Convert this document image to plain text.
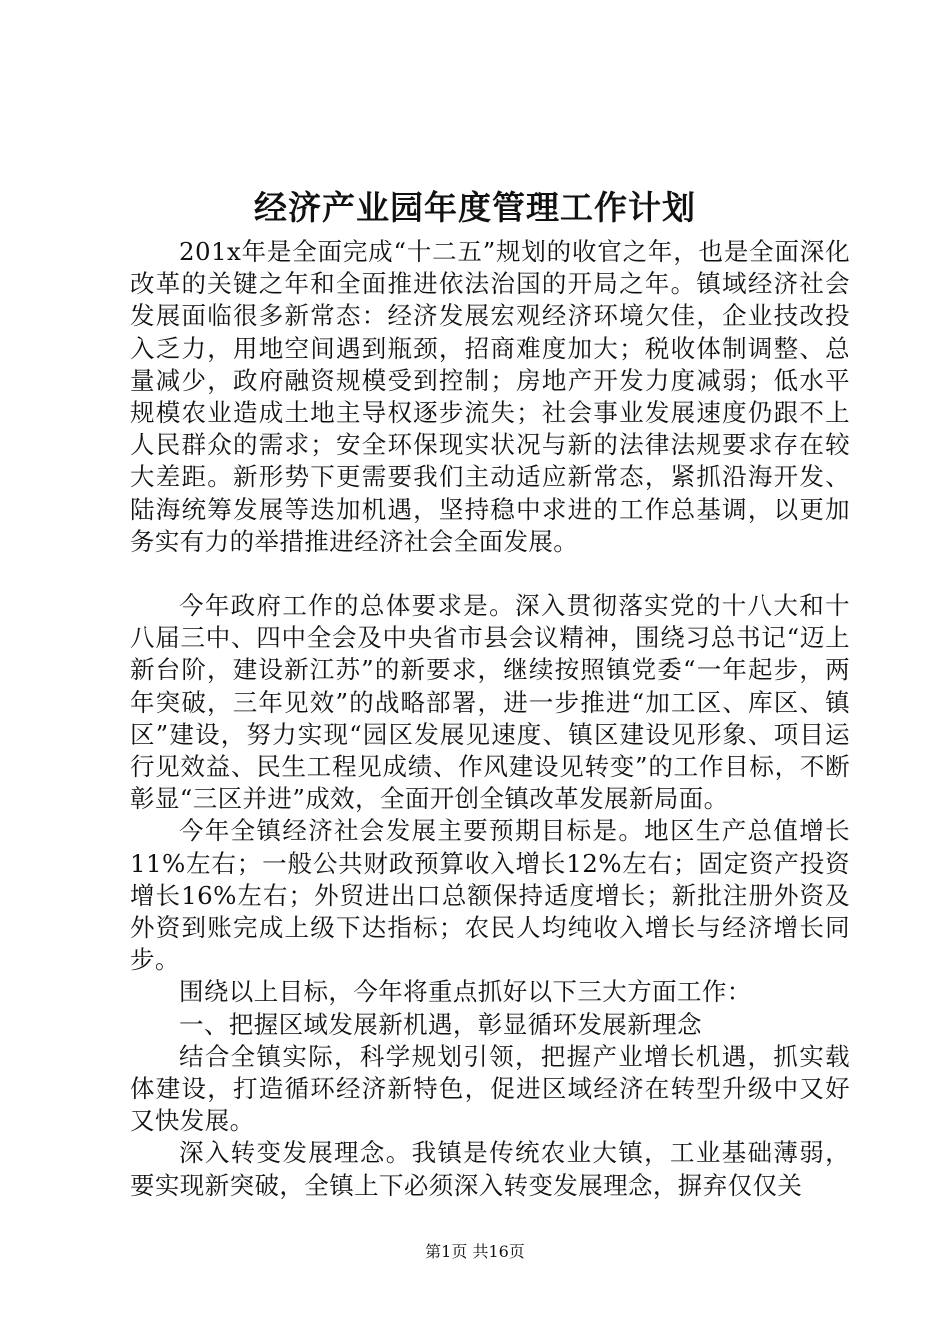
经济产业园年度管理工作计划

201x年是全面完成“十二五”规划的收官之年，也是全面深化改革的关键之年和全面推进依法治国的开局之年。镇域经济社会发展面临很多新常态：经济发展宏观经济环境欠佳，企业技改投入乏力，用地空间遇到瓶颈，招商难度加大；税收体制调整、总量减少，政府融资规模受到控制；房地产开发力度减弱；低水平规模农业造成土地主导权逐步流失；社会事业发展速度仍跟不上人民群众的需求；安全环保现实状况与新的法律法规要求存在较大差距。新形势下更需要我们主动适应新常态，紧抓沿海开发、陆海统筹发展等迭加机遇，坚持稳中求进的工作总基调，以更加务实有力的举措推进经济社会全面发展。

今年政府工作的总体要求是。深入贯彻落实党的十八大和十八届三中、四中全会及中央省市县会议精神，围绕习总书记“迈上新台阶，建设新江苏”的新要求，继续按照镇党委“一年起步，两年突破，三年见效”的战略部署，进一步推进“加工区、库区、镇区”建设，努力实现“园区发展见速度、镇区建设见形象、项目运行见效益、民生工程见成绩、作风建设见转变”的工作目标，不断彰显“三区并进”成效，全面开创全镇改革发展新局面。

今年全镇经济社会发展主要预期目标是。地区生产总值增长11%左右；一般公共财政预算收入增长12%左右；固定资产投资增长16%左右；外贸进出口总额保持适度增长；新批注册外资及外资到账完成上级下达指标；农民人均纯收入增长与经济增长同步。

围绕以上目标，今年将重点抓好以下三大方面工作：

一、把握区域发展新机遇，彰显循环发展新理念

结合全镇实际，科学规划引领，把握产业增长机遇，抓实载体建设，打造循环经济新特色，促进区域经济在转型升级中又好又快发展。

深入转变发展理念。我镇是传统农业大镇，工业基础薄弱，要实现新突破，全镇上下必须深入转变发展理念，摒弃仅仅关

第1页 共16页
